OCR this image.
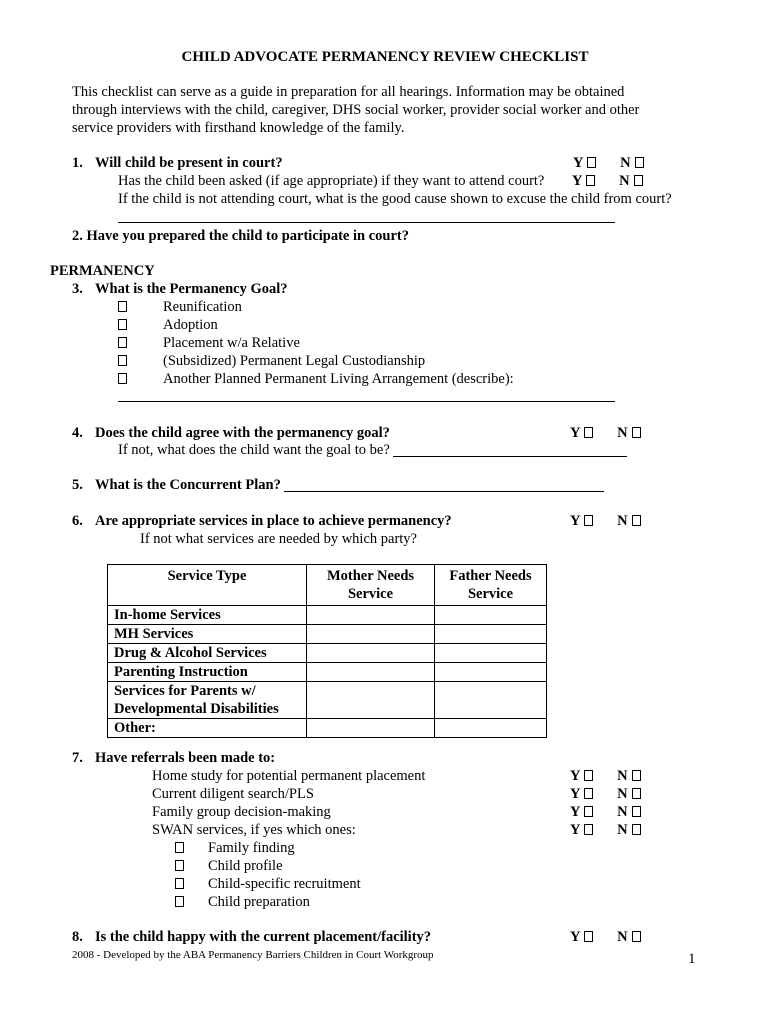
CHILD ADVOCATE PERMANENCY REVIEW CHECKLIST
This checklist can serve as a guide in preparation for all hearings. Information may be obtained
through interviews with the child, caregiver, DHS social worker, provider social worker and other
service providers with firsthand knowledge of the family.
1. Will child be present in court?	Y	N
Has the child been asked (if age appropriate) if they want to attend court? Y	N
If the child is not attending court, what is the good cause shown to excuse the child from court?
2. Have you prepared the child to participate in court?
PERMANENCY
3. What is the Permanency Goal?
Reunification
Adoption
Placement w/a Relative
(Subsidized) Permanent Legal Custodianship
Another Planned Permanent Living Arrangement (describe):
4. Does the child agree with the permanency goal?	Y	N
If not, what does the child want the goal to be?
5. What is the Concurrent Plan?
6. Are appropriate services in place to achieve permanency?	Y	N
If not what services are needed by which party?
Service Type	Mother Needs Service	Father Needs Service
In-home Services		
MH Services		
Drug & Alcohol Services		
Parenting Instruction		
Services for Parents w/ Developmental Disabilities		
Other:		
7. Have referrals been made to:
Home study for potential permanent placement	Y	N
Current diligent search/PLS	Y	N
Family group decision-making	Y	N
SWAN services, if yes which ones:	Y	N
Family finding
Child profile
Child-specific recruitment
Child preparation
8. Is the child happy with the current placement/facility?	Y	N
2008 - Developed by the ABA Permanency Barriers Children in Court Workgroup	1
